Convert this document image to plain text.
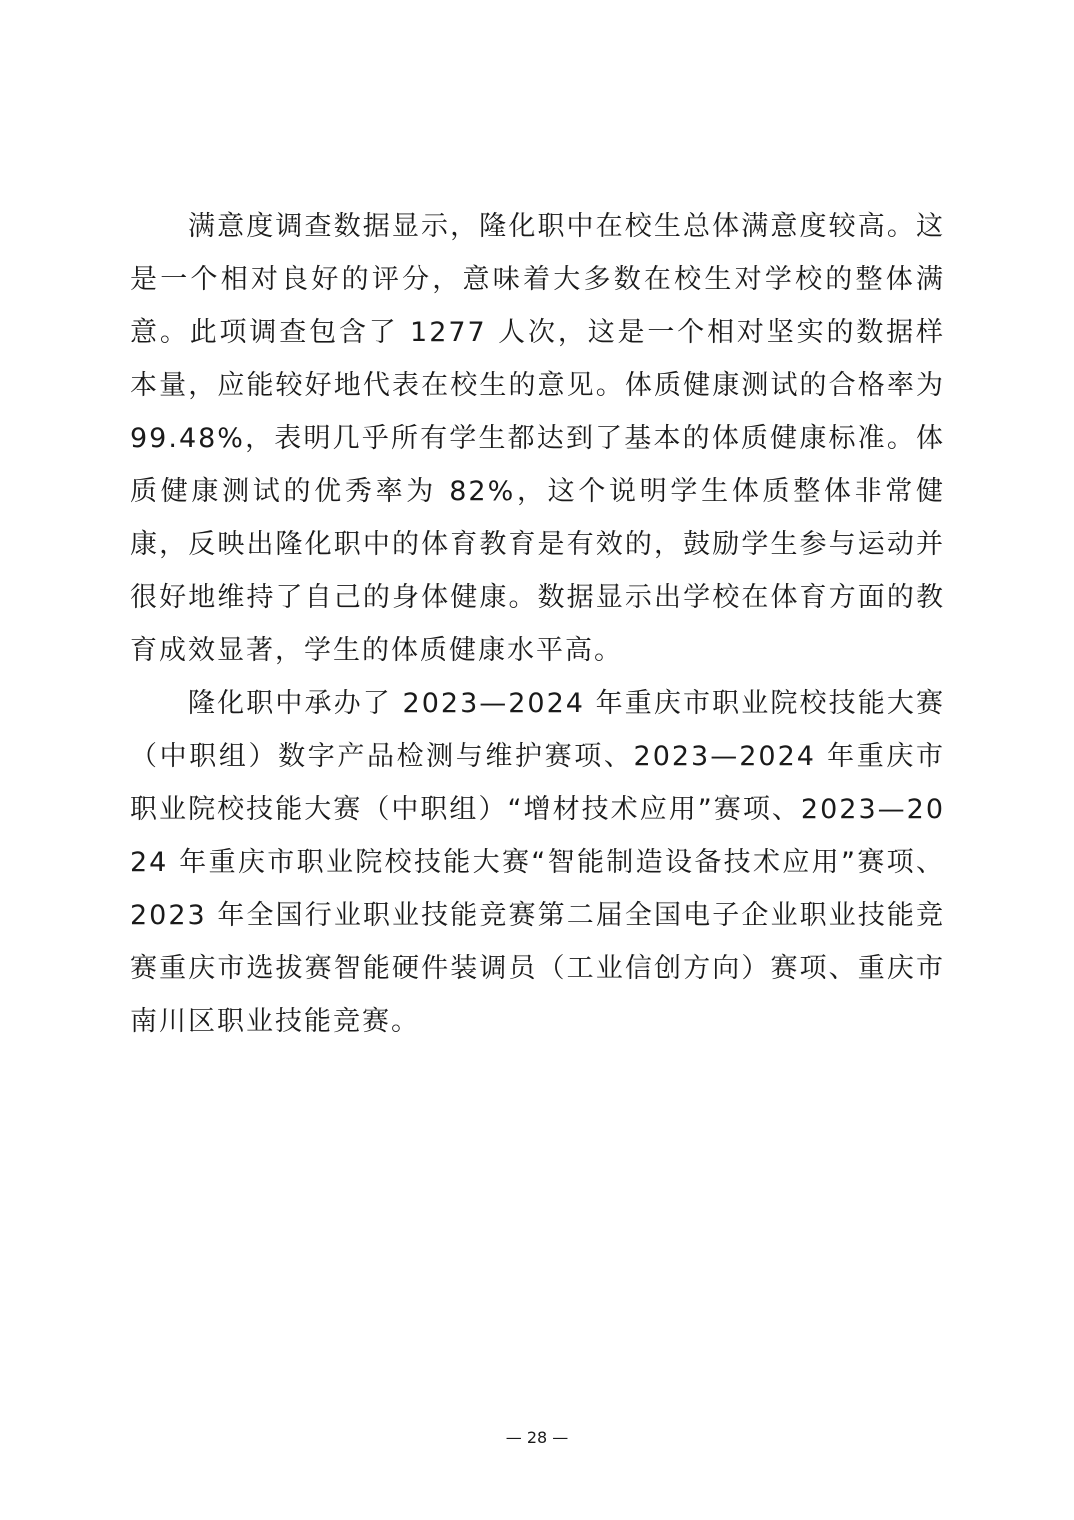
满意度调查数据显示，隆化职中在校生总体满意度较高。这是一个相对良好的评分，意味着大多数在校生对学校的整体满意。此项调查包含了 1277 人次，这是一个相对坚实的数据样本量，应能较好地代表在校生的意见。体质健康测试的合格率为 99.48%，表明几乎所有学生都达到了基本的体质健康标准。体质健康测试的优秀率为 82%，这个说明学生体质整体非常健康，反映出隆化职中的体育教育是有效的，鼓励学生参与运动并很好地维持了自己的身体健康。数据显示出学校在体育方面的教育成效显著，学生的体质健康水平高。

隆化职中承办了 2023—2024 年重庆市职业院校技能大赛（中职组）数字产品检测与维护赛项、2023—2024 年重庆市职业院校技能大赛（中职组）“增材技术应用”赛项、2023—2024 年重庆市职业院校技能大赛“智能制造设备技术应用”赛项、2023 年全国行业职业技能竞赛第二届全国电子企业职业技能竞赛重庆市选拔赛智能硬件装调员（工业信创方向）赛项、重庆市南川区职业技能竞赛。

— 28 —
